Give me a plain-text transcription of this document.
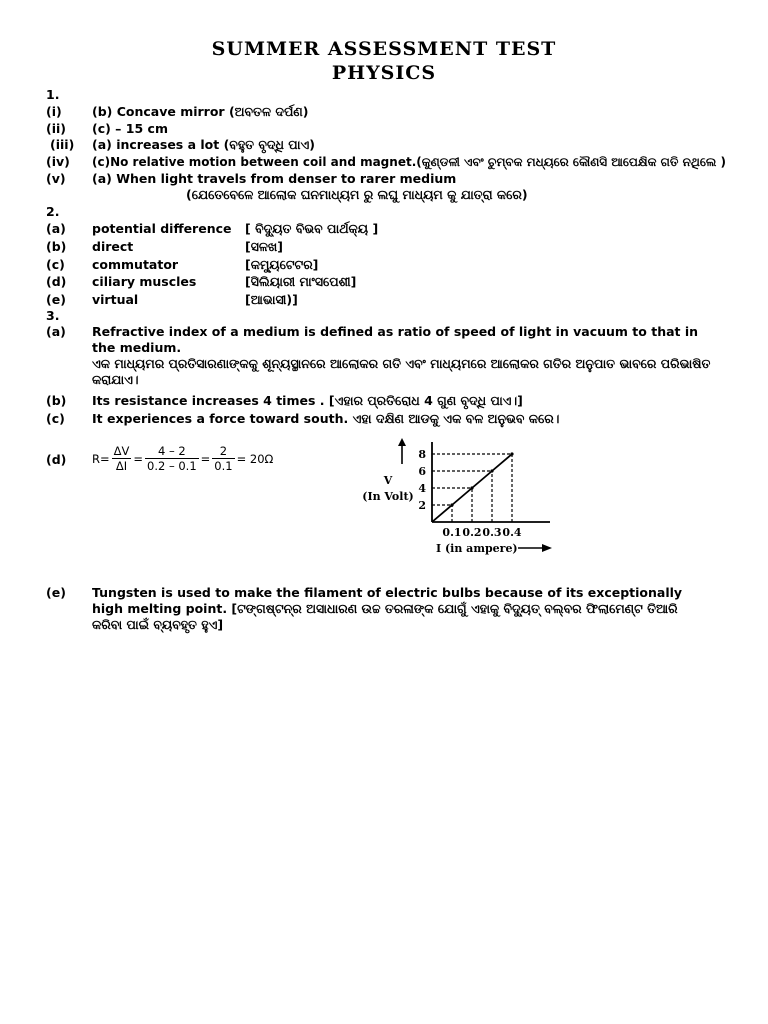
SUMMER ASSESSMENT TEST
PHYSICS
1.
(i) (b) Concave mirror (ଅବତଳ ଦର୍ପଣ)
(ii) (c) – 15 cm
(iii) (a) increases a lot (ବହୁତ ବୃଦ୍ଧି ପାଏ)
(iv) (c)No relative motion between coil and magnet.(କୁଣ୍ଡଳୀ ଏବଂ ଚୁମ୍ବକ ମଧ୍ୟରେ କୌଣସି ଆପେକ୍ଷିକ ଗତି ନଥିଲେ )
(v) (a) When light travels from denser to rarer medium
(ଯେତେବେଳେ ଆଲୋକ ଘନମାଧ୍ୟମ ରୁ ଲଘୁ ମାଧ୍ୟମ କୁ ଯାତ୍ରା କରେ)
2.
(a) potential difference [ ବିଦ୍ୟୁତ ବିଭବ ପାର୍ଥକ୍ୟ ]
(b) direct	[ସଳଖ]
(c) commutator	[କମ୍ୟୁଟେଟର]
(d) ciliary muscles	[ସିଲିୟାରୀ ମାଂସପେଶୀ]
(e) virtual	[ଆଭାସୀ)]
3.
(a) Refractive index of a medium is defined as ratio of speed of light in vacuum to that in the medium.
ଏକ ମାଧ୍ୟମର ପ୍ରତିସାରଣାଙ୍କକୁ ଶୂନ୍ୟସ୍ଥାନରେ ଆଲୋକର ଗତି ଏବଂ ମାଧ୍ୟମରେ ଆଲୋକର ଗତିର ଅନୁପାତ ଭାବରେ ପରିଭାଷିତ କରାଯାଏ।
(b) Its resistance increases 4 times . [ଏହାର ପ୍ରତିରୋଧ 4 ଗୁଣ ବୃଦ୍ଧି ପାଏ।]
(c) It experiences a force toward south. ଏହା ଦକ୍ଷିଣ ଆଡକୁ ଏକ ବଳ ଅନୁଭବ କରେ।
(d) $R= \frac{\Delta V}{\Delta I} = \frac{4 - 2}{0.2 - 0.1} = \frac{2}{0.1} = 20\Omega$
0.1 0.2 0.3 0.4
2
4
6
8
V
(In Volt)
I (in ampere)
(e) Tungsten is used to make the filament of electric bulbs because of its exceptionally high melting point. [ଟଙ୍ଗଷ୍ଟନ୍‌ର ଅସାଧାରଣ ଉଚ୍ଚ ତରଳାଙ୍କ ଯୋଗୁଁ ଏହାକୁ ବିଦ୍ୟୁତ୍ ବଲ୍ବର ଫିଲାମେଣ୍ଟ ତିଆରି କରିବା ପାଇଁ ବ୍ୟବହୃତ ହୁଏ]
